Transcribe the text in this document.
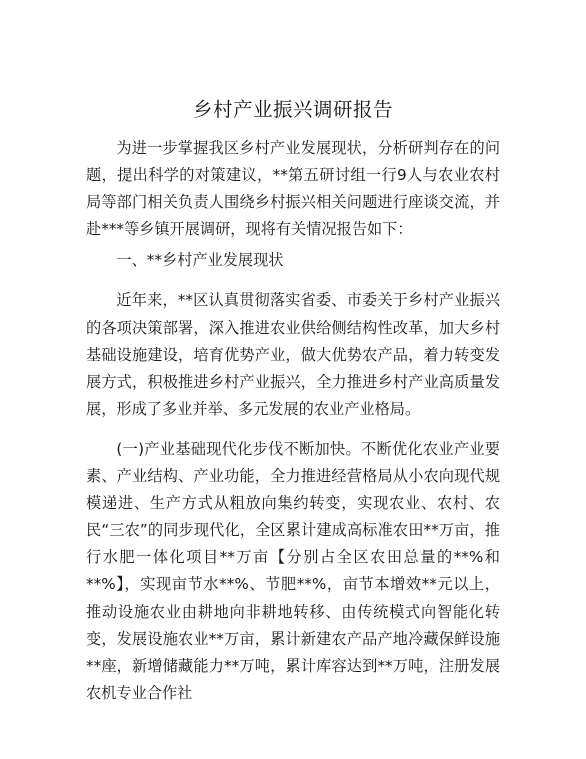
乡村产业振兴调研报告

为进一步掌握我区乡村产业发展现状，分析研判存在的问题，提出科学的对策建议，**第五研讨组一行9人与农业农村局等部门相关负责人围绕乡村振兴相关问题进行座谈交流，并赴***等乡镇开展调研，现将有关情况报告如下：

一、**乡村产业发展现状

近年来，**区认真贯彻落实省委、市委关于乡村产业振兴的各项决策部署，深入推进农业供给侧结构性改革，加大乡村基础设施建设，培育优势产业，做大优势农产品，着力转变发展方式，积极推进乡村产业振兴，全力推进乡村产业高质量发展，形成了多业并举、多元发展的农业产业格局。

(一)产业基础现代化步伐不断加快。不断优化农业产业要素、产业结构、产业功能，全力推进经营格局从小农向现代规模递进、生产方式从粗放向集约转变，实现农业、农村、农民“三农”的同步现代化，全区累计建成高标准农田**万亩，推行水肥一体化项目**万亩【分别占全区农田总量的**%和**%】，实现亩节水**%、节肥**%，亩节本增效**元以上，推动设施农业由耕地向非耕地转移、由传统模式向智能化转变，发展设施农业**万亩，累计新建农产品产地冷藏保鲜设施**座，新增储藏能力**万吨，累计库容达到**万吨，注册发展农机专业合作社
